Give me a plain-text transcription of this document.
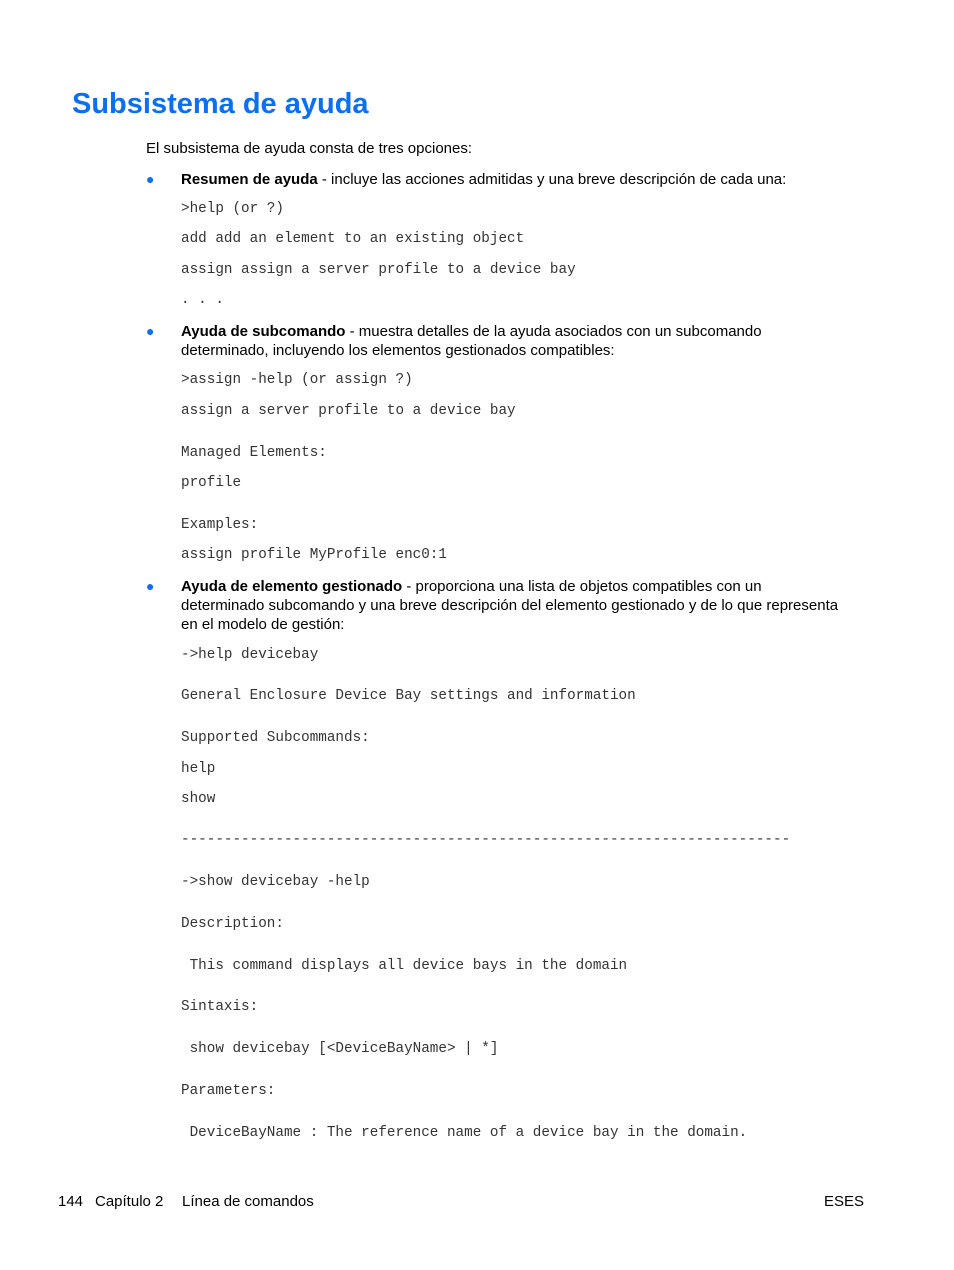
Subsistema de ayuda
El subsistema de ayuda consta de tres opciones:
● Resumen de ayuda - incluye las acciones admitidas y una breve descripción de cada una:
>help (or ?)
add add an element to an existing object
assign assign a server profile to a device bay
. . .
● Ayuda de subcomando - muestra detalles de la ayuda asociados con un subcomando determinado, incluyendo los elementos gestionados compatibles:
>assign -help (or assign ?)
assign a server profile to a device bay
Managed Elements:
profile
Examples:
assign profile MyProfile enc0:1
● Ayuda de elemento gestionado - proporciona una lista de objetos compatibles con un determinado subcomando y una breve descripción del elemento gestionado y de lo que representa en el modelo de gestión:
->help devicebay
General Enclosure Device Bay settings and information
Supported Subcommands:
help
show
-----------------------------------------------------------------------
->show devicebay -help
Description:
This command displays all device bays in the domain
Sintaxis:
show devicebay [<DeviceBayName> | *]
Parameters:
DeviceBayName : The reference name of a device bay in the domain.
144 Capítulo 2 Línea de comandos	ESES
